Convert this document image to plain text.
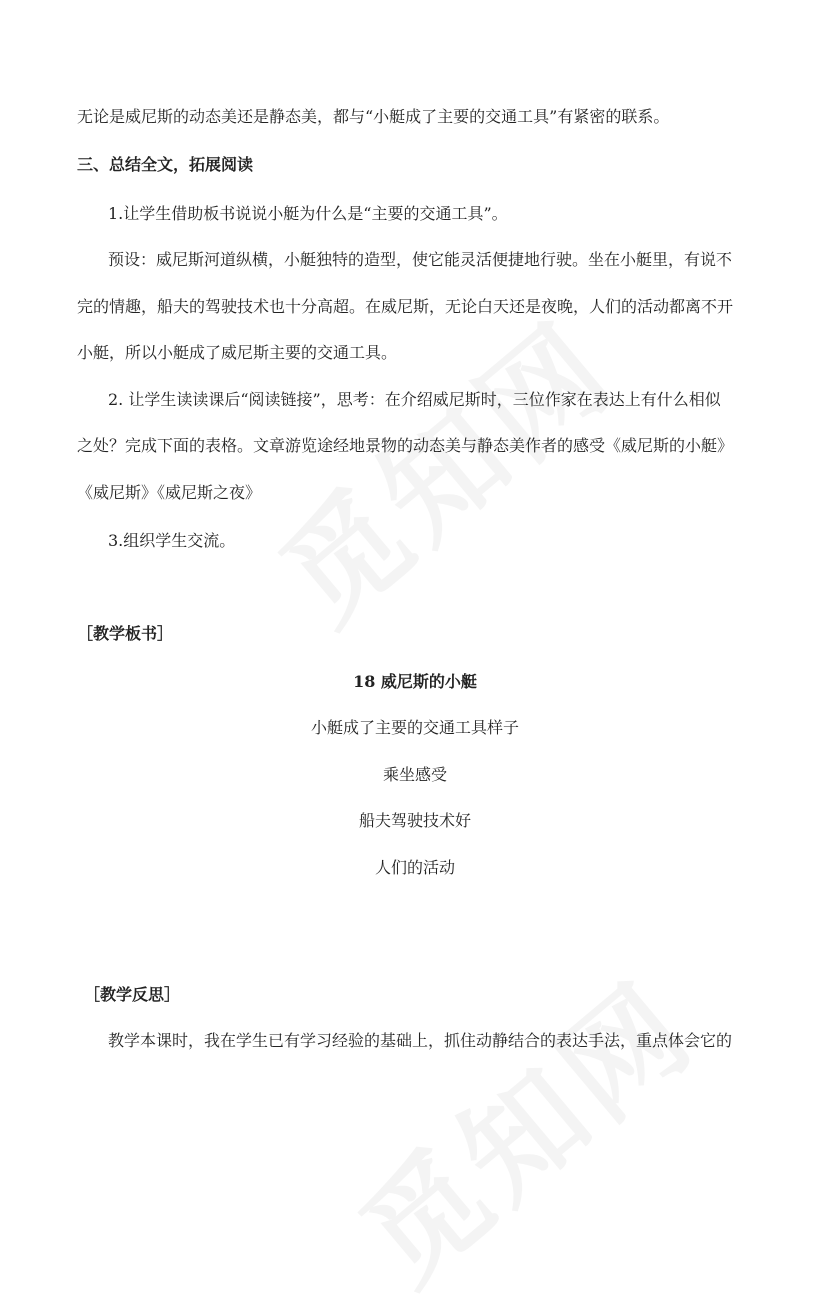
无论是威尼斯的动态美还是静态美，都与“小艇成了主要的交通工具”有紧密的联系。
三、总结全文，拓展阅读
1.让学生借助板书说说小艇为什么是“主要的交通工具”。
预设：威尼斯河道纵横，小艇独特的造型，使它能灵活便捷地行驶。坐在小艇里，有说不
完的情趣，船夫的驾驶技术也十分高超。在威尼斯，无论白天还是夜晚，人们的活动都离不开
小艇，所以小艇成了威尼斯主要的交通工具。
2. 让学生读读课后“阅读链接”，思考：在介绍威尼斯时，三位作家在表达上有什么相似
之处？完成下面的表格。文章游览途经地景物的动态美与静态美作者的感受《威尼斯的小艇》
《威尼斯》《威尼斯之夜》
3.组织学生交流。
［教学板书］
18 威尼斯的小艇
小艇成了主要的交通工具样子
乘坐感受
船夫驾驶技术好
人们的活动
［教学反思］
教学本课时，我在学生已有学习经验的基础上，抓住动静结合的表达手法，重点体会它的
